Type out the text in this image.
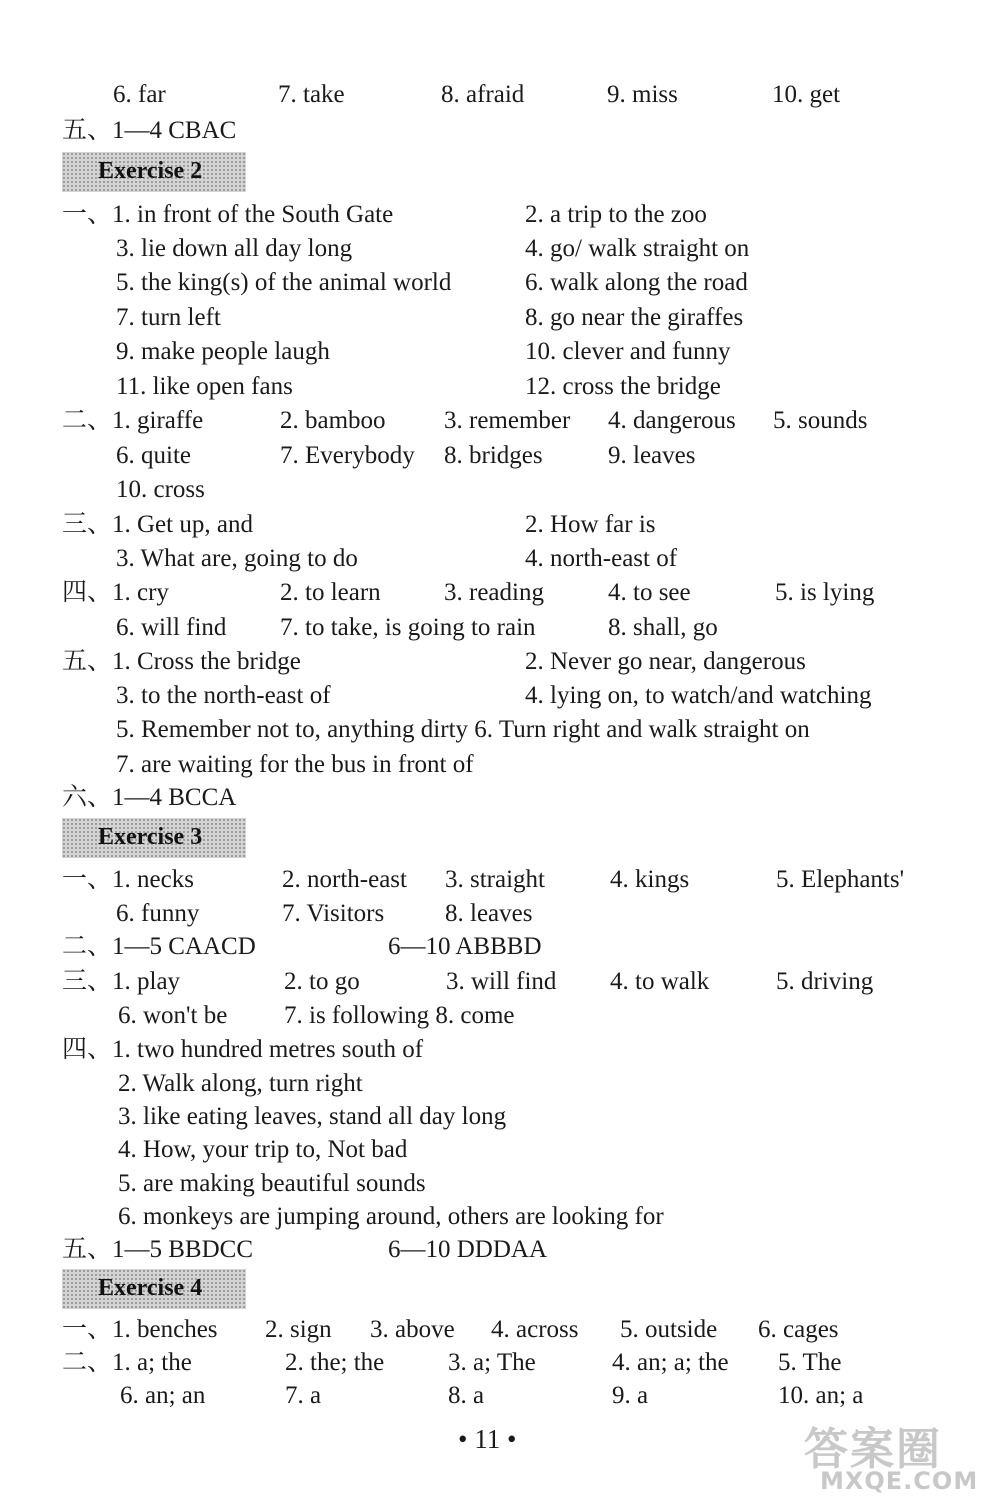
Exercise 2
Exercise 3
Exercise 4
6. far	7. take	8. afraid	9. miss	10. get
五、1—4 CBAC
一、1. in front of the South Gate	2. a trip to the zoo
3. lie down all day long	4. go/ walk straight on
5. the king(s) of the animal world	6. walk along the road
7. turn left	8. go near the giraffes
9. make people laugh	10. clever and funny
11. like open fans	12. cross the bridge
二、1. giraffe	2. bamboo 3. remember 4. dangerous 5. sounds
6. quite	7. Everybody 8. bridges	9. leaves
10. cross
三、1. Get up, and	2. How far is
3. What are, going to do	4. north-east of
四、1. cry	2. to learn	3. reading	4. to see	5. is lying
6. will find 7. to take, is going to rain	8. shall, go
五、1. Cross the bridge	2. Never go near, dangerous
3. to the north-east of	4. lying on, to watch/and watching
5. Remember not to, anything dirty 6. Turn right and walk straight on
7. are waiting for the bus in front of
六、1—4 BCCA
一、1. necks	2. north-east 3. straight	4. kings	5. Elephants'
6. funny	7. Visitors 8. leaves
二、1—5 CAACD	6—10 ABBBD
三、1. play	2. to go	3. will find 4. to walk	5. driving
6. won't be 7. is following 8. come
四、1. two hundred metres south of
2. Walk along, turn right
3. like eating leaves, stand all day long
4. How, your trip to, Not bad
5. are making beautiful sounds
6. monkeys are jumping around, others are looking for
五、1—5 BBDCC	6—10 DDDAA
一、1. benches 2. sign 3. above 4. across 5. outside 6. cages
二、1. a; the	2. the; the	3. a; The	4. an; a; the 5. The
6. an; an	7. a	8. a	9. a	10. an; a
• 11 •	答案圈
MXQE.COM
